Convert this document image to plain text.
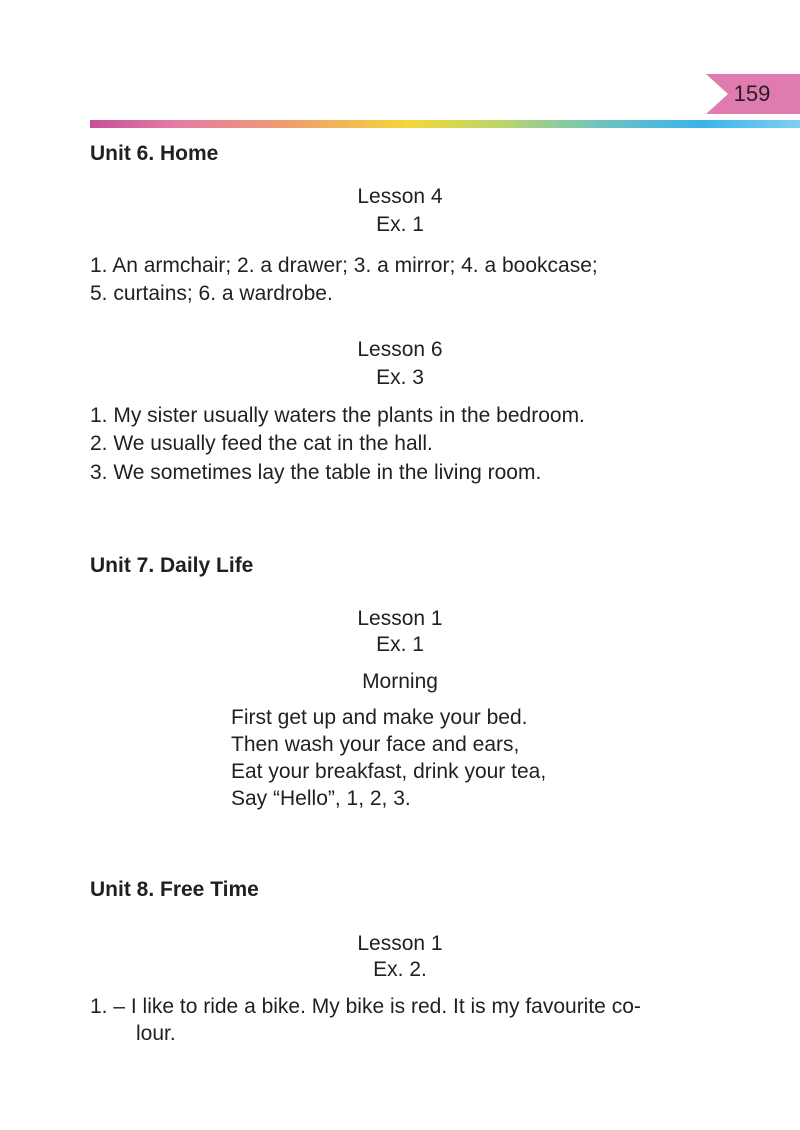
159

Unit 6. Home

Lesson 4

Ex. 1

1. An armchair; 2. a drawer; 3. a mirror; 4. a bookcase;

5. curtains; 6. a wardrobe.

Lesson 6

Ex. 3

1. My sister usually waters the plants in the bedroom.

2. We usually feed the cat in the hall.

3. We sometimes lay the table in the living room.

Unit 7. Daily Life

Lesson 1

Ex. 1

Morning

First get up and make your bed.

Then wash your face and ears,

Eat your breakfast, drink your tea,

Say “Hello”, 1, 2, 3.

Unit 8. Free Time

Lesson 1

Ex. 2.

1. – I like to ride a bike. My bike is red. It is my favourite co-

lour.
